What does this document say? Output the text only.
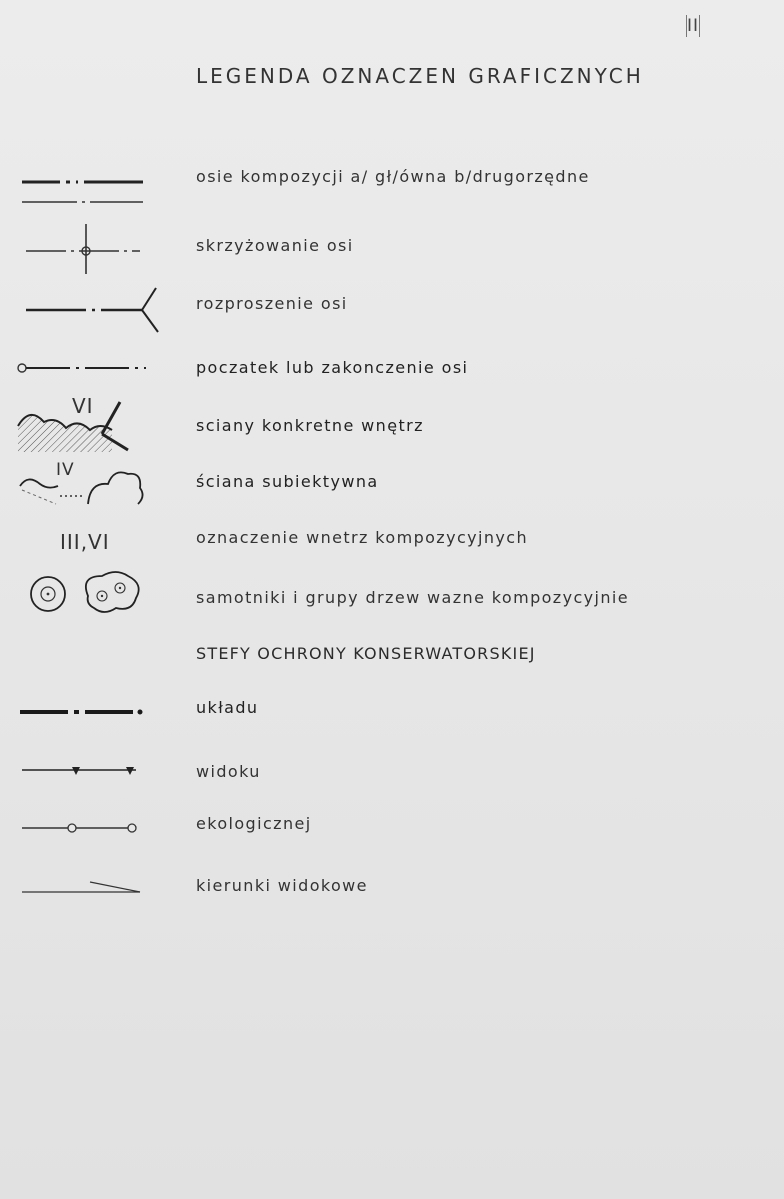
II
LEGENDA OZNACZEN GRAFICZNYCH
osie kompozycji a/ gł/ówna b/drugorzędne
skrzyżowanie osi
rozproszenie osi
poczatek lub zakonczenie osi
VI
sciany konkretne wnętrz
IV
ściana subiektywna
III,VI	oznaczenie wnetrz kompozycyjnych
samotniki i grupy drzew wazne kompozycyjnie
STEFY OCHRONY KONSERWATORSKIEJ
układu
widoku
ekologicznej
kierunki widokowe
